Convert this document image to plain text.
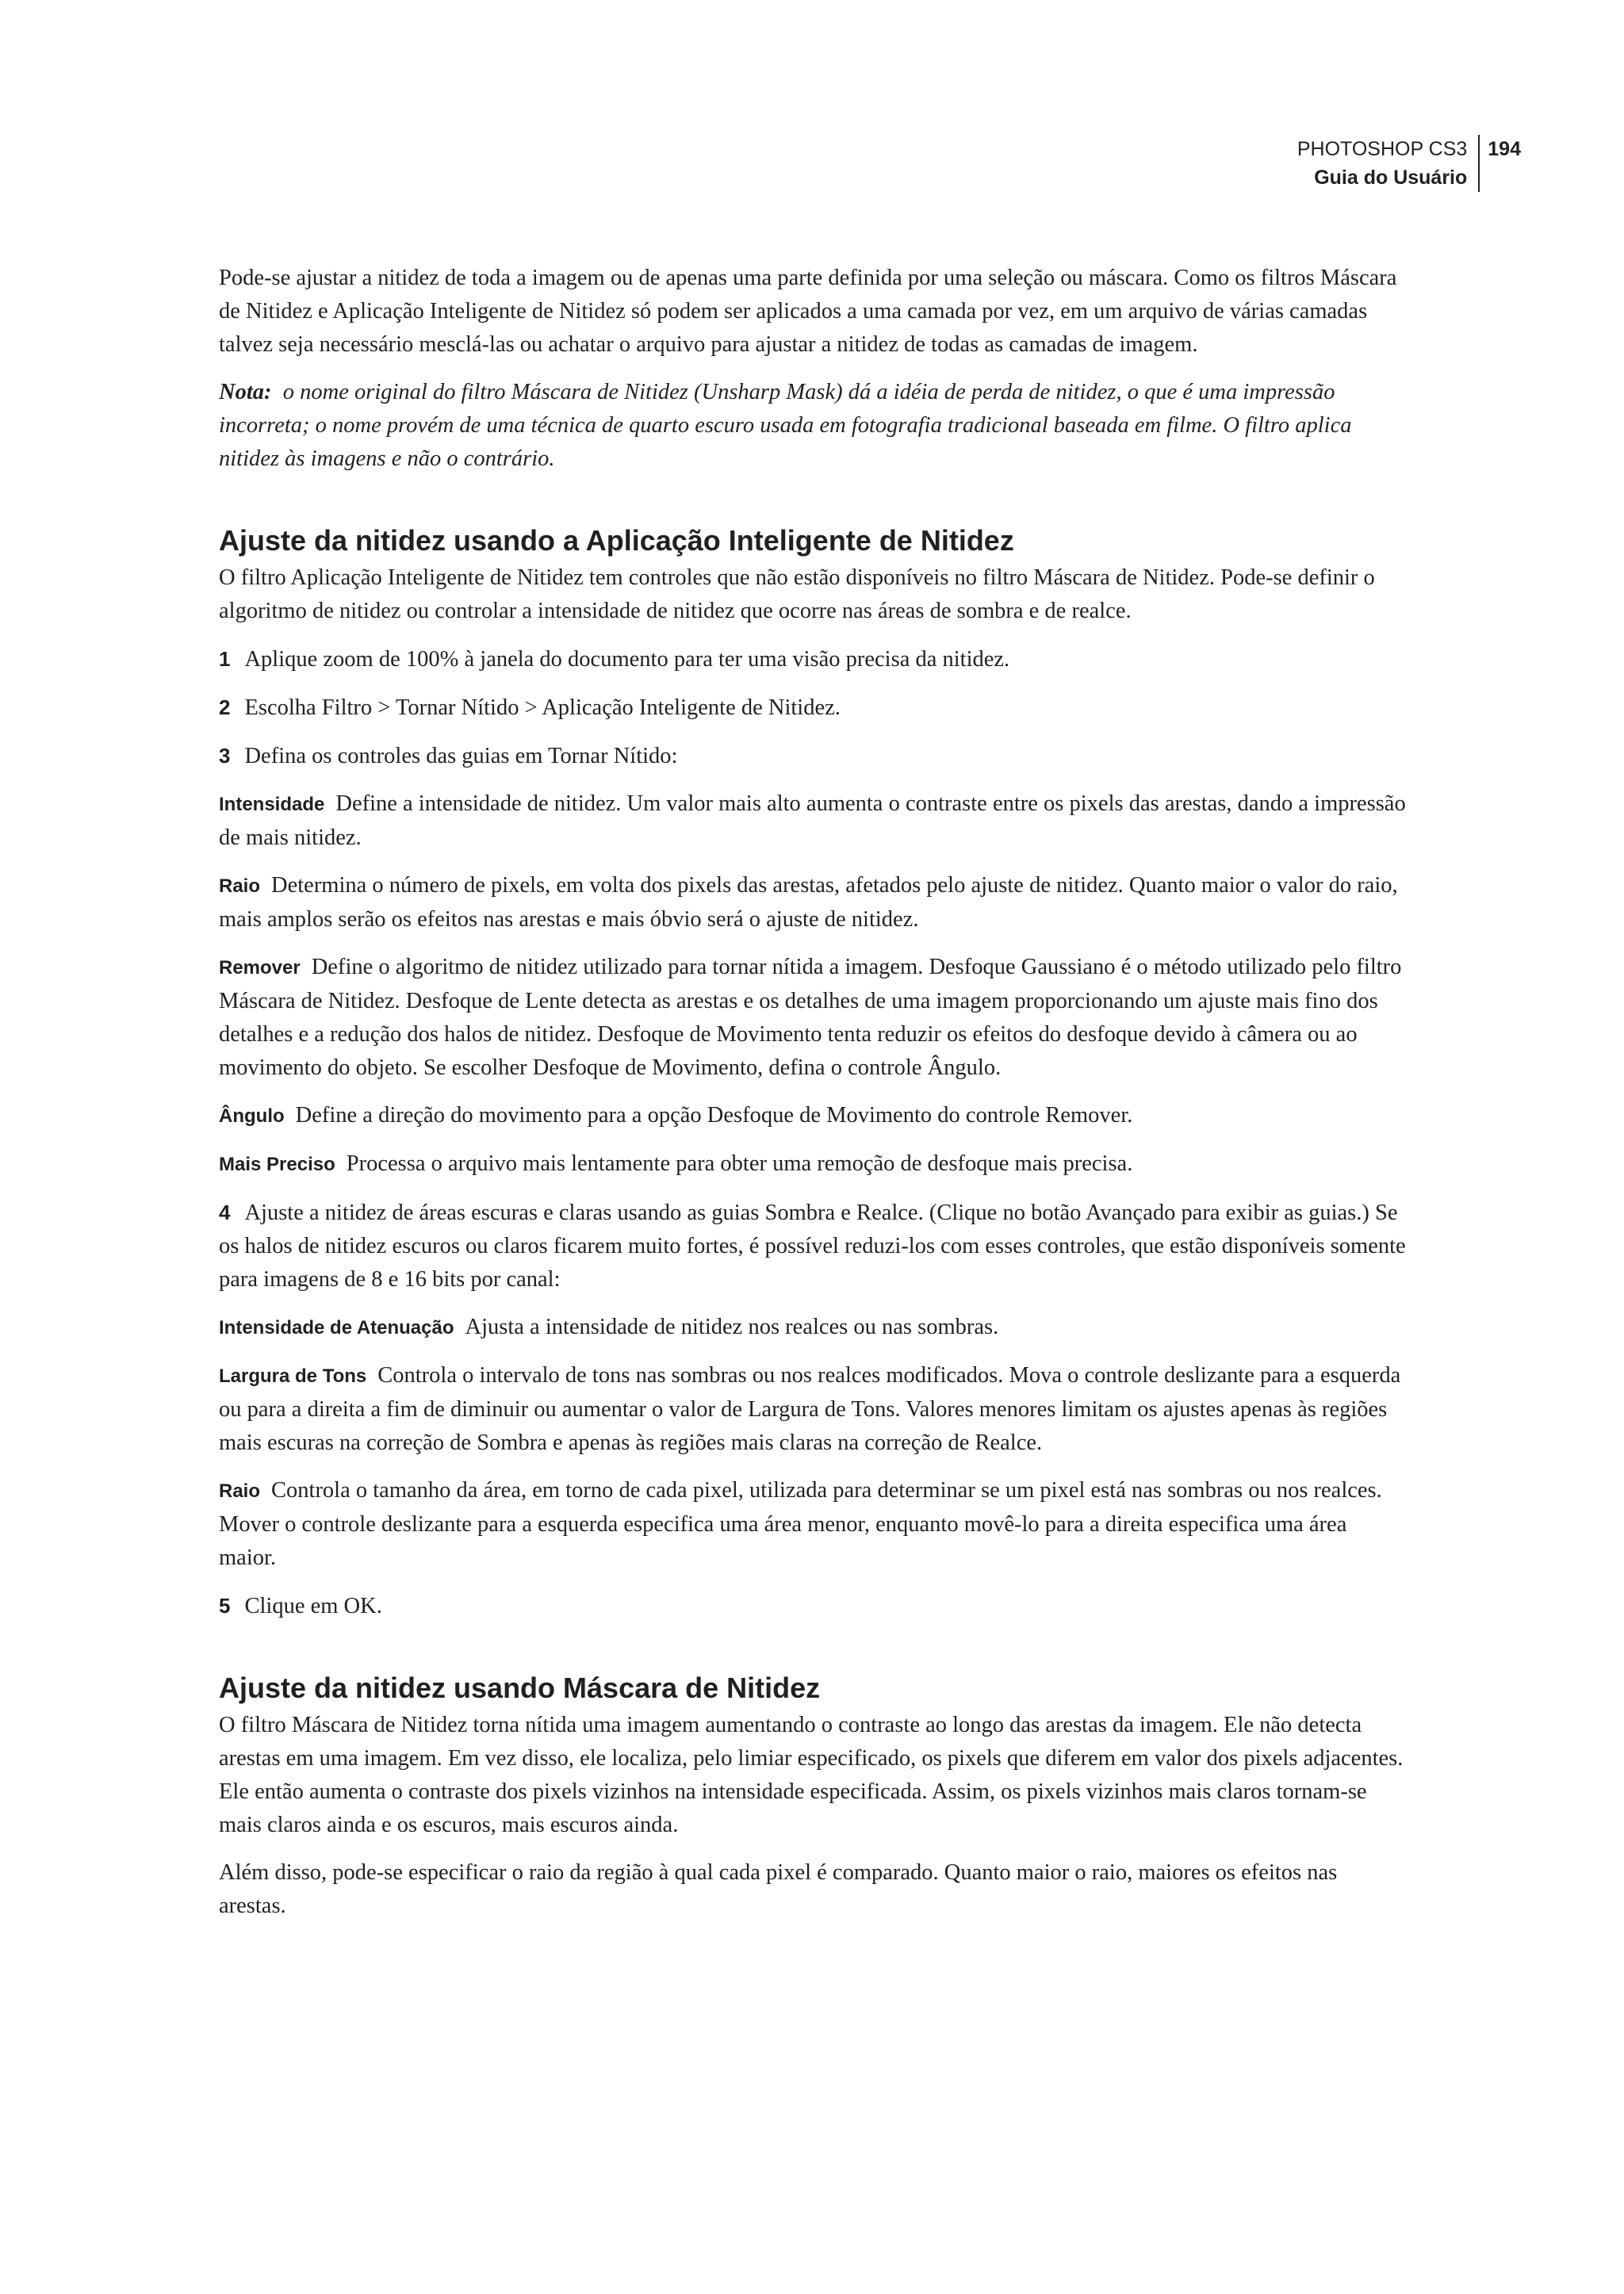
PHOTOSHOP CS3
Guia do Usuário
194

Pode-se ajustar a nitidez de toda a imagem ou de apenas uma parte definida por uma seleção ou máscara. Como os filtros Máscara de Nitidez e Aplicação Inteligente de Nitidez só podem ser aplicados a uma camada por vez, em um arquivo de várias camadas talvez seja necessário mesclá-las ou achatar o arquivo para ajustar a nitidez de todas as camadas de imagem.

Nota: o nome original do filtro Máscara de Nitidez (Unsharp Mask) dá a idéia de perda de nitidez, o que é uma impressão incorreta; o nome provém de uma técnica de quarto escuro usada em fotografia tradicional baseada em filme. O filtro aplica nitidez às imagens e não o contrário.

Ajuste da nitidez usando a Aplicação Inteligente de Nitidez

O filtro Aplicação Inteligente de Nitidez tem controles que não estão disponíveis no filtro Máscara de Nitidez. Pode-se definir o algoritmo de nitidez ou controlar a intensidade de nitidez que ocorre nas áreas de sombra e de realce.

1 Aplique zoom de 100% à janela do documento para ter uma visão precisa da nitidez.
2 Escolha Filtro > Tornar Nítido > Aplicação Inteligente de Nitidez.
3 Defina os controles das guias em Tornar Nítido:
Intensidade Define a intensidade de nitidez. Um valor mais alto aumenta o contraste entre os pixels das arestas, dando a impressão de mais nitidez.
Raio Determina o número de pixels, em volta dos pixels das arestas, afetados pelo ajuste de nitidez. Quanto maior o valor do raio, mais amplos serão os efeitos nas arestas e mais óbvio será o ajuste de nitidez.
Remover Define o algoritmo de nitidez utilizado para tornar nítida a imagem. Desfoque Gaussiano é o método utilizado pelo filtro Máscara de Nitidez. Desfoque de Lente detecta as arestas e os detalhes de uma imagem proporcionando um ajuste mais fino dos detalhes e a redução dos halos de nitidez. Desfoque de Movimento tenta reduzir os efeitos do desfoque devido à câmera ou ao movimento do objeto. Se escolher Desfoque de Movimento, defina o controle Ângulo.
Ângulo Define a direção do movimento para a opção Desfoque de Movimento do controle Remover.
Mais Preciso Processa o arquivo mais lentamente para obter uma remoção de desfoque mais precisa.
4 Ajuste a nitidez de áreas escuras e claras usando as guias Sombra e Realce. (Clique no botão Avançado para exibir as guias.) Se os halos de nitidez escuros ou claros ficarem muito fortes, é possível reduzi-los com esses controles, que estão disponíveis somente para imagens de 8 e 16 bits por canal:
Intensidade de Atenuação Ajusta a intensidade de nitidez nos realces ou nas sombras.
Largura de Tons Controla o intervalo de tons nas sombras ou nos realces modificados. Mova o controle deslizante para a esquerda ou para a direita a fim de diminuir ou aumentar o valor de Largura de Tons. Valores menores limitam os ajustes apenas às regiões mais escuras na correção de Sombra e apenas às regiões mais claras na correção de Realce.
Raio Controla o tamanho da área, em torno de cada pixel, utilizada para determinar se um pixel está nas sombras ou nos realces. Mover o controle deslizante para a esquerda especifica uma área menor, enquanto movê-lo para a direita especifica uma área maior.
5 Clique em OK.
Ajuste da nitidez usando Máscara de Nitidez

O filtro Máscara de Nitidez torna nítida uma imagem aumentando o contraste ao longo das arestas da imagem. Ele não detecta arestas em uma imagem. Em vez disso, ele localiza, pelo limiar especificado, os pixels que diferem em valor dos pixels adjacentes. Ele então aumenta o contraste dos pixels vizinhos na intensidade especificada. Assim, os pixels vizinhos mais claros tornam-se mais claros ainda e os escuros, mais escuros ainda.

Além disso, pode-se especificar o raio da região à qual cada pixel é comparado. Quanto maior o raio, maiores os efeitos nas arestas.
